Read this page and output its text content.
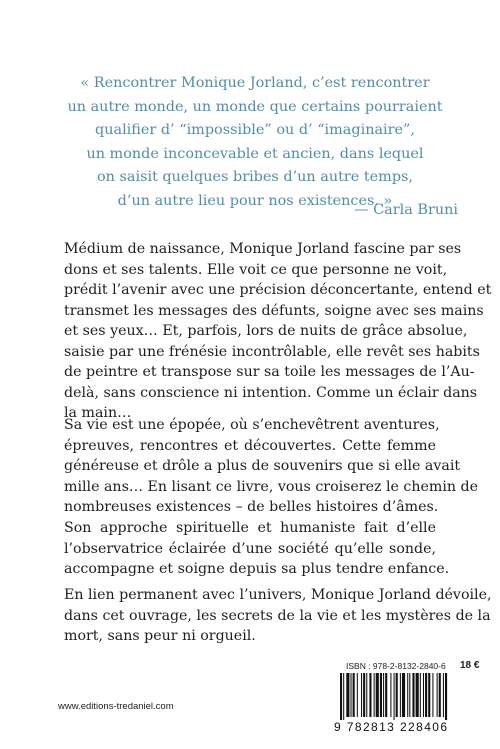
« Rencontrer Monique Jorland, c’est rencontrer
un autre monde, un monde que certains pourraient
qualifier d’ “impossible” ou d’ “imaginaire”,
un monde inconcevable et ancien, dans lequel
on saisit quelques bribes d’un autre temps,
d’un autre lieu pour nos existences. »
— Carla Bruni
Médium de naissance, Monique Jorland fascine par ses
dons et ses talents. Elle voit ce que personne ne voit,
prédit l’avenir avec une précision déconcertante, entend et
transmet les messages des défunts, soigne avec ses mains
et ses yeux… Et, parfois, lors de nuits de grâce absolue,
saisie par une frénésie incontrôlable, elle revêt ses habits
de peintre et transpose sur sa toile les messages de l’Au-
delà, sans conscience ni intention. Comme un éclair dans
la main…
Sa vie est une épopée, où s’enchevêtrent aventures,
épreuves, rencontres et découvertes. Cette femme
généreuse et drôle a plus de souvenirs que si elle avait
mille ans… En lisant ce livre, vous croiserez le chemin de
nombreuses existences – de belles histoires d’âmes.
Son approche spirituelle et humaniste fait d’elle
l’observatrice éclairée d’une société qu’elle sonde,
accompagne et soigne depuis sa plus tendre enfance.
En lien permanent avec l’univers, Monique Jorland dévoile,
dans cet ouvrage, les secrets de la vie et les mystères de la
mort, sans peur ni orgueil.
ISBN : 978-2-8132-2840-6 18 €
9 782813 228406
www.editions-tredaniel.com
